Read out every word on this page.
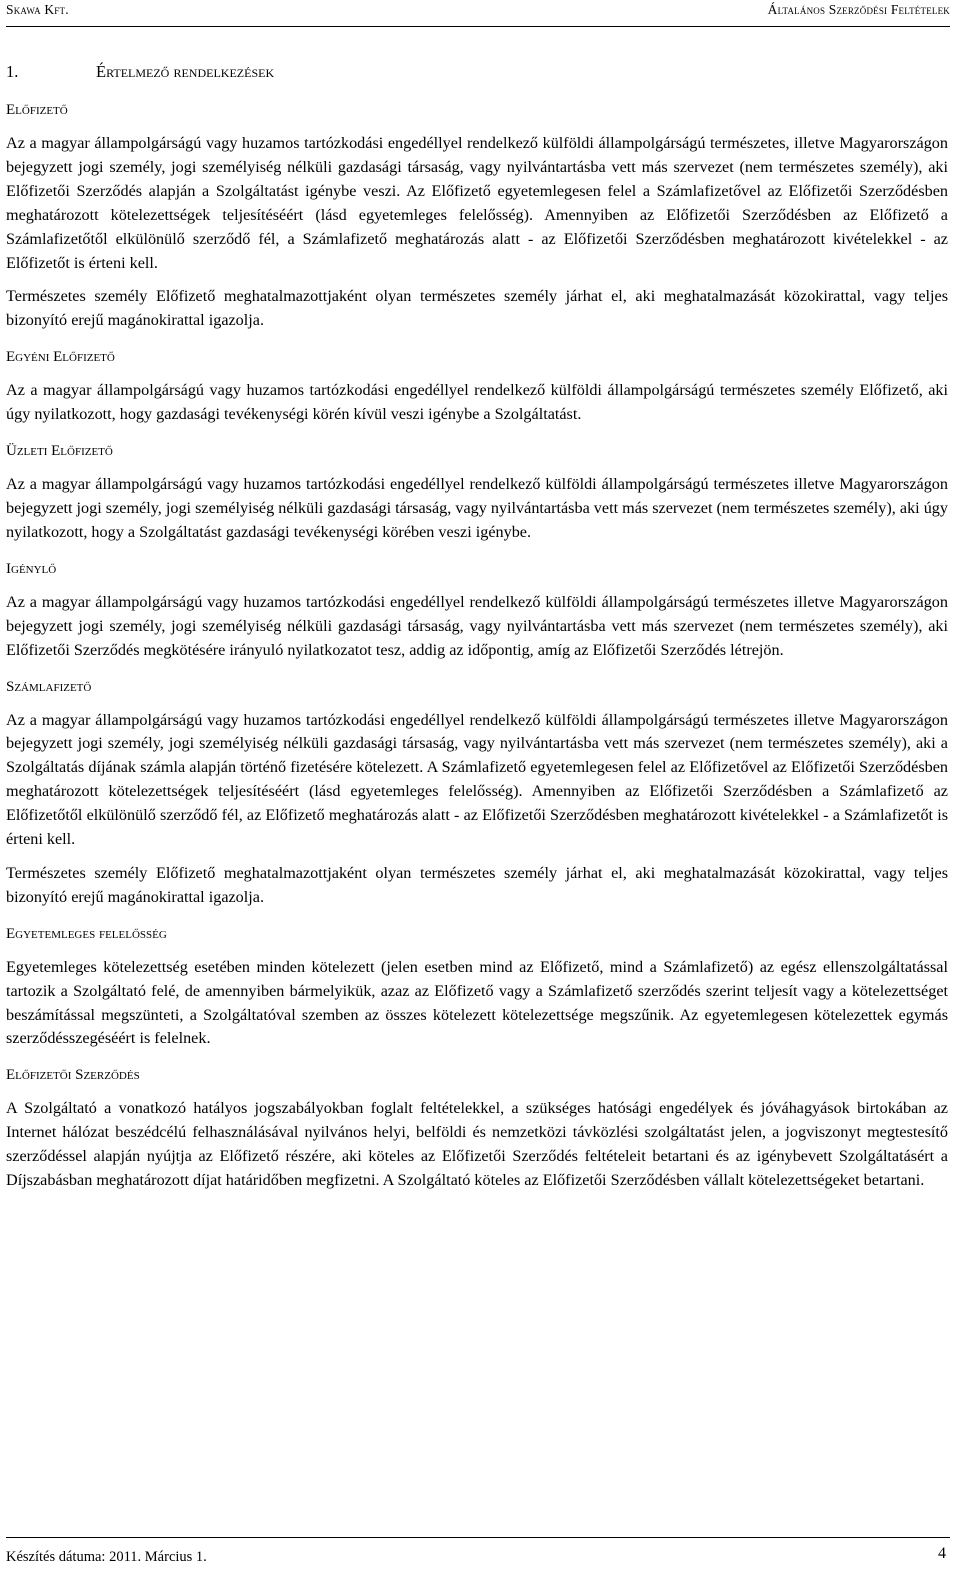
Skawa Kft.	Általános Szerződési Feltételek
1.	Értelmező rendelkezések
Előfizető

Az a magyar állampolgárságú vagy huzamos tartózkodási engedéllyel rendelkező külföldi állampolgárságú természetes, illetve Magyarországon bejegyzett jogi személy, jogi személyiség nélküli gazdasági társaság, vagy nyilvántartásba vett más szervezet (nem természetes személy), aki Előfizetői Szerződés alapján a Szolgáltatást igénybe veszi. Az Előfizető egyetemlegesen felel a Számlafizetővel az Előfizetői Szerződésben meghatározott kötelezettségek teljesítéséért (lásd egyetemleges felelősség). Amennyiben az Előfizetői Szerződésben az Előfizető a Számlafizetőtől elkülönülő szerződő fél, a Számlafizető meghatározás alatt - az Előfizetői Szerződésben meghatározott kivételekkel - az Előfizetőt is érteni kell.

Természetes személy Előfizető meghatalmazottjaként olyan természetes személy járhat el, aki meghatalmazását közokirattal, vagy teljes bizonyító erejű magánokirattal igazolja.

Egyéni Előfizető

Az a magyar állampolgárságú vagy huzamos tartózkodási engedéllyel rendelkező külföldi állampolgárságú természetes személy Előfizető, aki úgy nyilatkozott, hogy gazdasági tevékenységi körén kívül veszi igénybe a Szolgáltatást.

Üzleti Előfizető

Az a magyar állampolgárságú vagy huzamos tartózkodási engedéllyel rendelkező külföldi állampolgárságú természetes illetve Magyarországon bejegyzett jogi személy, jogi személyiség nélküli gazdasági társaság, vagy nyilvántartásba vett más szervezet (nem természetes személy), aki úgy nyilatkozott, hogy a Szolgáltatást gazdasági tevékenységi körében veszi igénybe.

Igénylő

Az a magyar állampolgárságú vagy huzamos tartózkodási engedéllyel rendelkező külföldi állampolgárságú természetes illetve Magyarországon bejegyzett jogi személy, jogi személyiség nélküli gazdasági társaság, vagy nyilvántartásba vett más szervezet (nem természetes személy), aki Előfizetői Szerződés megkötésére irányuló nyilatkozatot tesz, addig az időpontig, amíg az Előfizetői Szerződés létrejön.

Számlafizető

Az a magyar állampolgárságú vagy huzamos tartózkodási engedéllyel rendelkező külföldi állampolgárságú természetes illetve Magyarországon bejegyzett jogi személy, jogi személyiség nélküli gazdasági társaság, vagy nyilvántartásba vett más szervezet (nem természetes személy), aki a Szolgáltatás díjának számla alapján történő fizetésére kötelezett. A Számlafizető egyetemlegesen felel az Előfizetővel az Előfizetői Szerződésben meghatározott kötelezettségek teljesítéséért (lásd egyetemleges felelősség). Amennyiben az Előfizetői Szerződésben a Számlafizető az Előfizetőtől elkülönülő szerződő fél, az Előfizető meghatározás alatt - az Előfizetői Szerződésben meghatározott kivételekkel - a Számlafizetőt is érteni kell.

Természetes személy Előfizető meghatalmazottjaként olyan természetes személy járhat el, aki meghatalmazását közokirattal, vagy teljes bizonyító erejű magánokirattal igazolja.

Egyetemleges felelősség

Egyetemleges kötelezettség esetében minden kötelezett (jelen esetben mind az Előfizető, mind a Számlafizető) az egész ellenszolgáltatással tartozik a Szolgáltató felé, de amennyiben bármelyikük, azaz az Előfizető vagy a Számlafizető szerződés szerint teljesít vagy a kötelezettséget beszámítással megszünteti, a Szolgáltatóval szemben az összes kötelezett kötelezettsége megszűnik. Az egyetemlegesen kötelezettek egymás szerződésszegéséért is felelnek.

Előfizetői Szerződés

A Szolgáltató a vonatkozó hatályos jogszabályokban foglalt feltételekkel, a szükséges hatósági engedélyek és jóváhagyások birtokában az Internet hálózat beszédcélú felhasználásával nyilvános helyi, belföldi és nemzetközi távközlési szolgáltatást jelen, a jogviszonyt megtestesítő szerződéssel alapján nyújtja az Előfizető részére, aki köteles az Előfizetői Szerződés feltételeit betartani és az igénybevett Szolgáltatásért a Díjszabásban meghatározott díjat határidőben megfizetni. A Szolgáltató köteles az Előfizetői Szerződésben vállalt kötelezettségeket betartani.

Készítés dátuma: 2011. Március 1.	4
